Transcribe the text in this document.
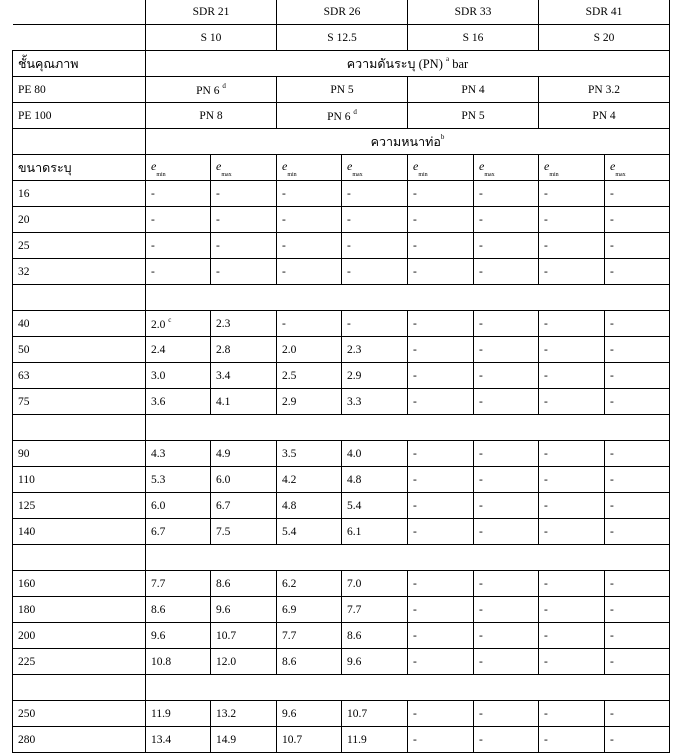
	SDR 21		SDR 26		SDR 33		SDR 41	
	S 10		S 12.5		S 16		S 20	
ชั้นคุณภาพ	ความดันระบุ (PN) $^a$ bar							
PE 80	PN 6 $^d$		PN 5		PN 4		PN 3.2	
PE 100	PN 8		PN 6 $^d$		PN 5		PN 4	
	ความหนาท่อ$^b$
ขนาดระบุ	$e_{min}$	$e_{max}$	$e_{min}$	$e_{max}$	$e_{min}$	$e_{max}$	$e_{min}$	$e_{max}$
16	-	-	-	-	-	-	-	-
20	-	-	-	-	-	-	-	-
25	-	-	-	-	-	-	-	-
32	-	-	-	-	-	-	-	-

40	2.0 $^c$	2.3	-	-	-	-	-	-
50	2.4	2.8	2.0	2.3	-	-	-	-
63	3.0	3.4	2.5	2.9	-	-	-	-
75	3.6	4.1	2.9	3.3	-	-	-	-

90	4.3	4.9	3.5	4.0	-	-	-	-
110	5.3	6.0	4.2	4.8	-	-	-	-
125	6.0	6.7	4.8	5.4	-	-	-	-
140	6.7	7.5	5.4	6.1	-	-	-	-

160	7.7	8.6	6.2	7.0	-	-	-	-
180	8.6	9.6	6.9	7.7	-	-	-	-
200	9.6	10.7	7.7	8.6	-	-	-	-
225	10.8	12.0	8.6	9.6	-	-	-	-

250	11.9	13.2	9.6	10.7	-	-	-	-
280	13.4	14.9	10.7	11.9	-	-	-	-
